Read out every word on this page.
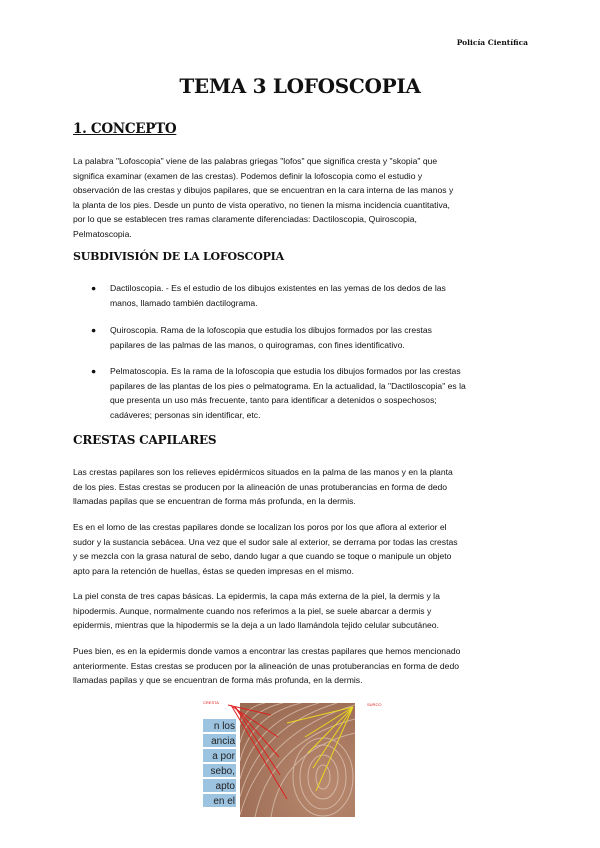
Policía Científica
TEMA 3 LOFOSCOPIA
1. CONCEPTO
La palabra "Lofoscopia" viene de las palabras griegas "lofos" que significa cresta y "skopia" que
significa examinar (examen de las crestas). Podemos definir la lofoscopia como el estudio y
observación de las crestas y dibujos papilares, que se encuentran en la cara interna de las manos y
la planta de los pies. Desde un punto de vista operativo, no tienen la misma incidencia cuantitativa,
por lo que se establecen tres ramas claramente diferenciadas: Dactiloscopia, Quiroscopia,
Pelmatoscopia.
SUBDIVISIÓN DE LA LOFOSCOPIA
● Dactiloscopia. - Es el estudio de los dibujos existentes en las yemas de los dedos de las
manos, llamado también dactilograma.
● Quiroscopia. Rama de la lofoscopia que estudia los dibujos formados por las crestas
papilares de las palmas de las manos, o quirogramas, con fines identificativo.
● Pelmatoscopia. Es la rama de la lofoscopia que estudia los dibujos formados por las crestas
papilares de las plantas de los pies o pelmatograma. En la actualidad, la "Dactiloscopia" es la
que presenta un uso más frecuente, tanto para identificar a detenidos o sospechosos;
cadáveres; personas sin identificar, etc.
CRESTAS CAPILARES
Las crestas papilares son los relieves epidérmicos situados en la palma de las manos y en la planta
de los pies. Estas crestas se producen por la alineación de unas protuberancias en forma de dedo
llamadas papilas que se encuentran de forma más profunda, en la dermis.
Es en el lomo de las crestas papilares donde se localizan los poros por los que aflora al exterior el
sudor y la sustancia sebácea. Una vez que el sudor sale al exterior, se derrama por todas las crestas
y se mezcla con la grasa natural de sebo, dando lugar a que cuando se toque o manipule un objeto
apto para la retención de huellas, éstas se queden impresas en el mismo.
La piel consta de tres capas básicas. La epidermis, la capa más externa de la piel, la dermis y la
hipodermis. Aunque, normalmente cuando nos referimos a la piel, se suele abarcar a dermis y
epidermis, mientras que la hipodermis se la deja a un lado llamándola tejido celular subcutáneo.
Pues bien, es en la epidermis donde vamos a encontrar las crestas papilares que hemos mencionado
anteriormente. Estas crestas se producen por la alineación de unas protuberancias en forma de dedo
llamadas papilas y que se encuentran de forma más profunda, en la dermis.
n los
ancia
a por
sebo,
apto
en el
CRESTA	SURCO
